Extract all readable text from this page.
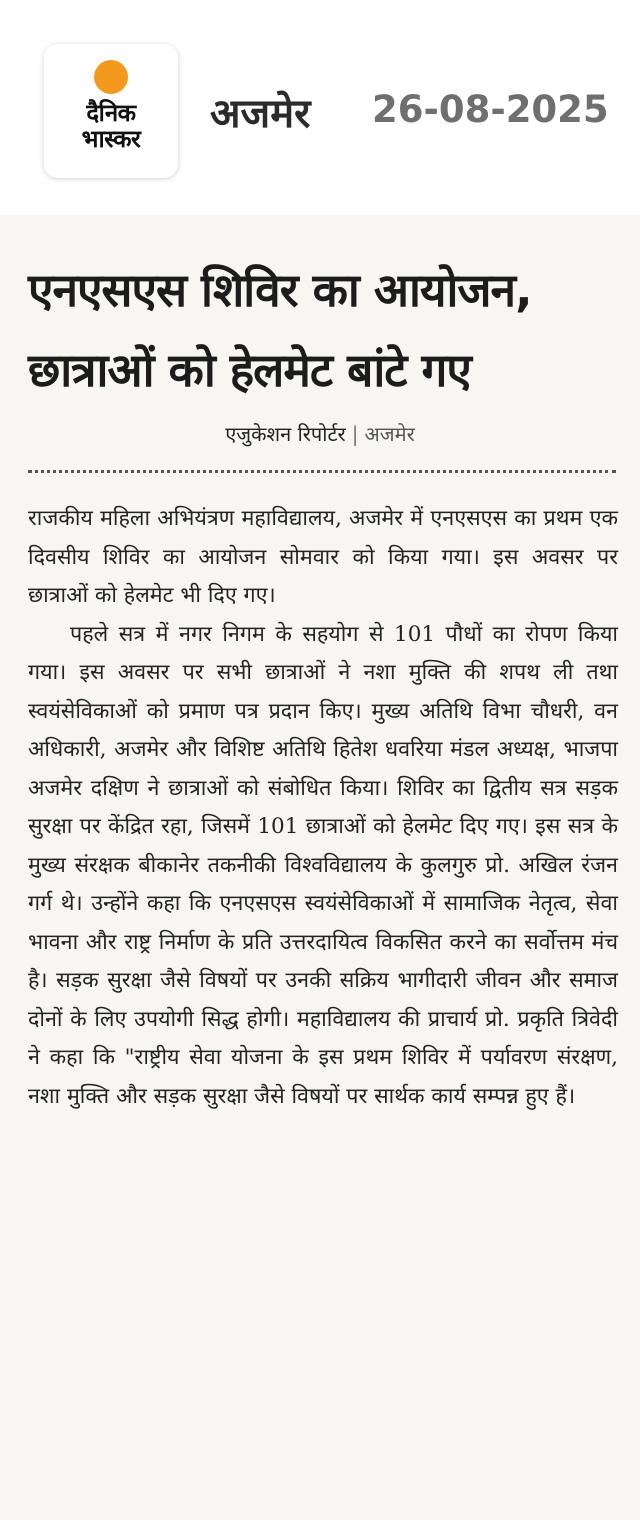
दैनिक
भास्कर
अजमेर 26-08-2025
एनएसएस शिविर का आयोजन,
छात्राओं को हेलमेट बांटे गए
एजुकेशन रिपोर्टर | अजमेर

राजकीय महिला अभियंत्रण महाविद्यालय, अजमेर में एनएसएस का प्रथम एक दिवसीय शिविर का आयोजन सोमवार को किया गया। इस अवसर पर छात्राओं को हेलमेट भी दिए गए।

पहले सत्र में नगर निगम के सहयोग से 101 पौधों का रोपण किया गया। इस अवसर पर सभी छात्राओं ने नशा मुक्ति की शपथ ली तथा स्वयंसेविकाओं को प्रमाण पत्र प्रदान किए। मुख्य अतिथि विभा चौधरी, वन अधिकारी, अजमेर और विशिष्ट अतिथि हितेश धवरिया मंडल अध्यक्ष, भाजपा अजमेर दक्षिण ने छात्राओं को संबोधित किया। शिविर का द्वितीय सत्र सड़क सुरक्षा पर केंद्रित रहा, जिसमें 101 छात्राओं को हेलमेट दिए गए। इस सत्र के मुख्य संरक्षक बीकानेर तकनीकी विश्वविद्यालय के कुलगुरु प्रो. अखिल रंजन गर्ग थे। उन्होंने कहा कि एनएसएस स्वयंसेविकाओं में सामाजिक नेतृत्व, सेवा भावना और राष्ट्र निर्माण के प्रति उत्तरदायित्व विकसित करने का सर्वोत्तम मंच है। सड़क सुरक्षा जैसे विषयों पर उनकी सक्रिय भागीदारी जीवन और समाज दोनों के लिए उपयोगी सिद्ध होगी। महाविद्यालय की प्राचार्य प्रो. प्रकृति त्रिवेदी ने कहा कि "राष्ट्रीय सेवा योजना के इस प्रथम शिविर में पर्यावरण संरक्षण, नशा मुक्ति और सड़क सुरक्षा जैसे विषयों पर सार्थक कार्य सम्पन्न हुए हैं।
